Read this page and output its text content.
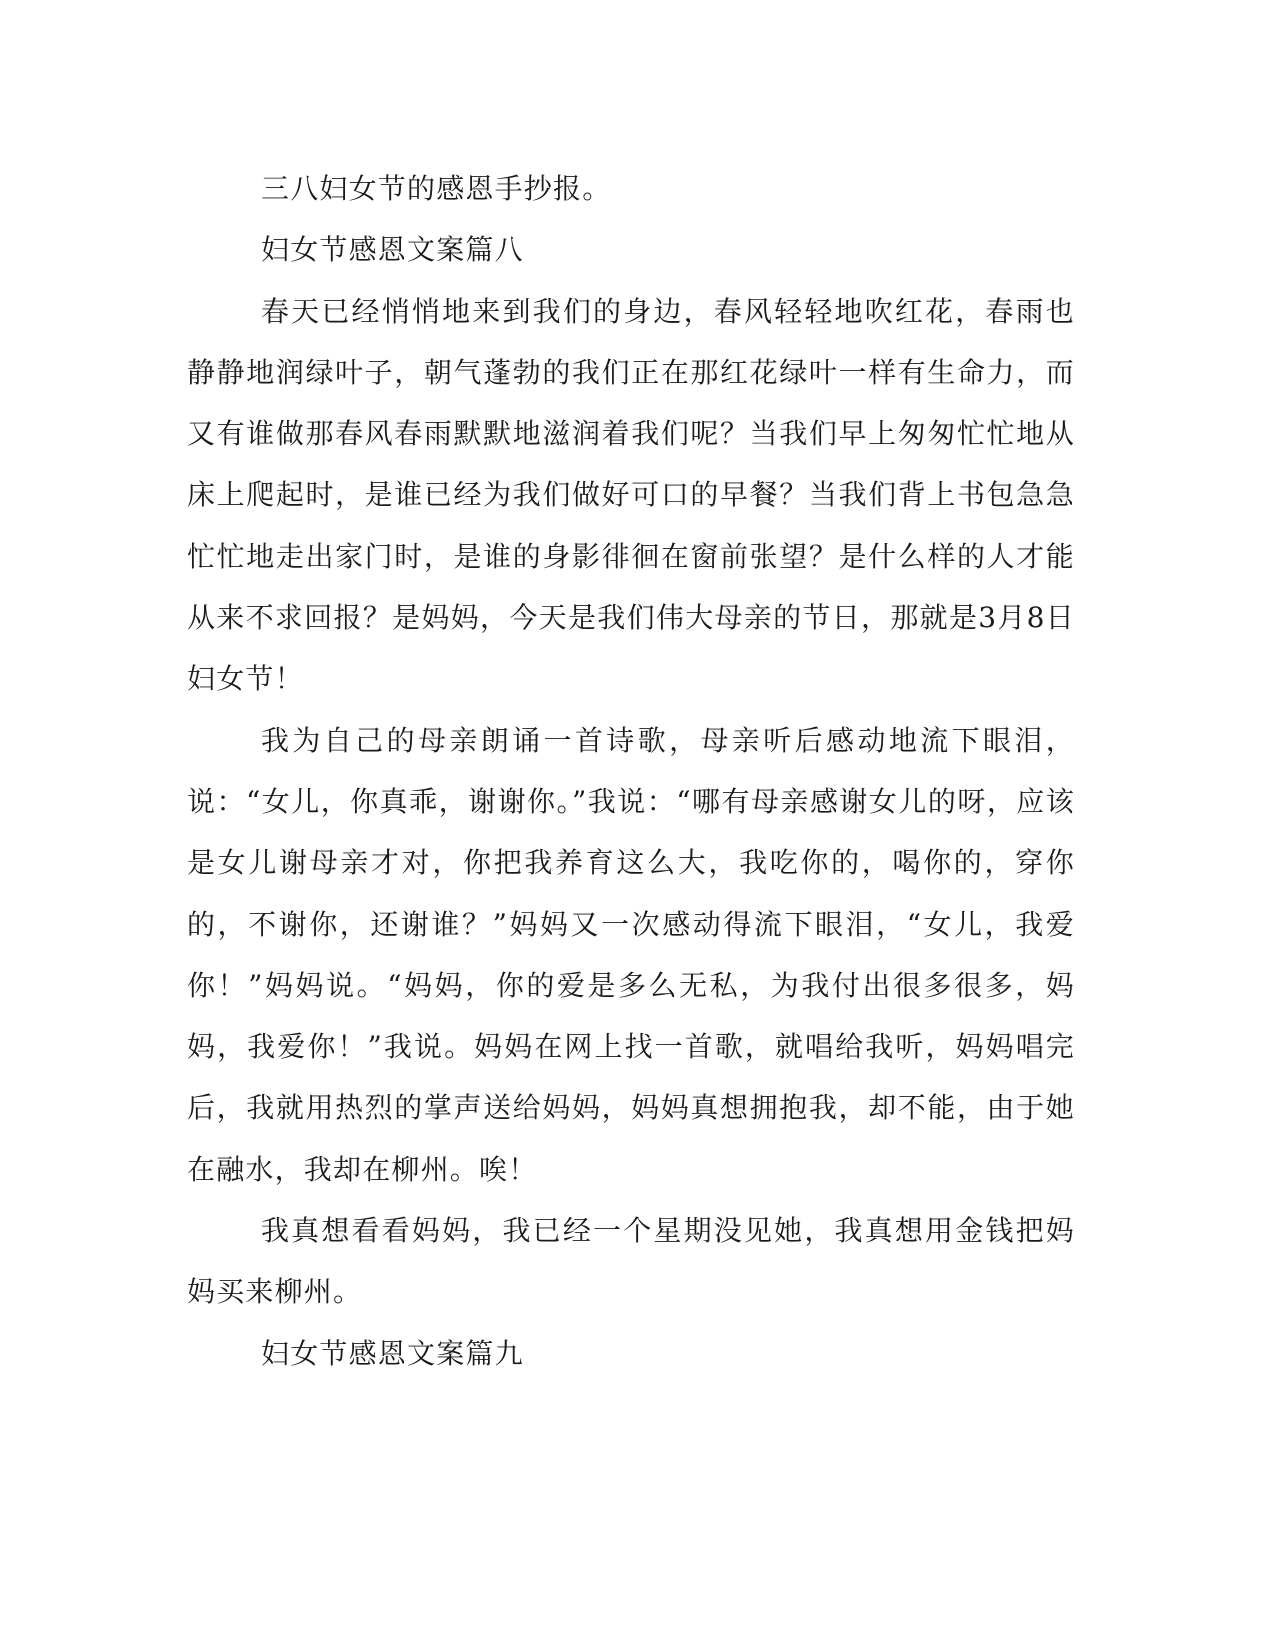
三八妇女节的感恩手抄报。

妇女节感恩文案篇八

春天已经悄悄地来到我们的身边，春风轻轻地吹红花，春雨也静静地润绿叶子，朝气蓬勃的我们正在那红花绿叶一样有生命力，而又有谁做那春风春雨默默地滋润着我们呢？当我们早上匆匆忙忙地从床上爬起时，是谁已经为我们做好可口的早餐？当我们背上书包急急忙忙地走出家门时，是谁的身影徘徊在窗前张望？是什么样的人才能从来不求回报？是妈妈，今天是我们伟大母亲的节日，那就是3月8日妇女节！

我为自己的母亲朗诵一首诗歌，母亲听后感动地流下眼泪，说：“女儿，你真乖，谢谢你。”我说：“哪有母亲感谢女儿的呀，应该是女儿谢母亲才对，你把我养育这么大，我吃你的，喝你的，穿你的，不谢你，还谢谁？”妈妈又一次感动得流下眼泪，“女儿，我爱你！”妈妈说。“妈妈，你的爱是多么无私，为我付出很多很多，妈妈，我爱你！”我说。妈妈在网上找一首歌，就唱给我听，妈妈唱完后，我就用热烈的掌声送给妈妈，妈妈真想拥抱我，却不能，由于她在融水，我却在柳州。唉！

我真想看看妈妈，我已经一个星期没见她，我真想用金钱把妈妈买来柳州。

妇女节感恩文案篇九
